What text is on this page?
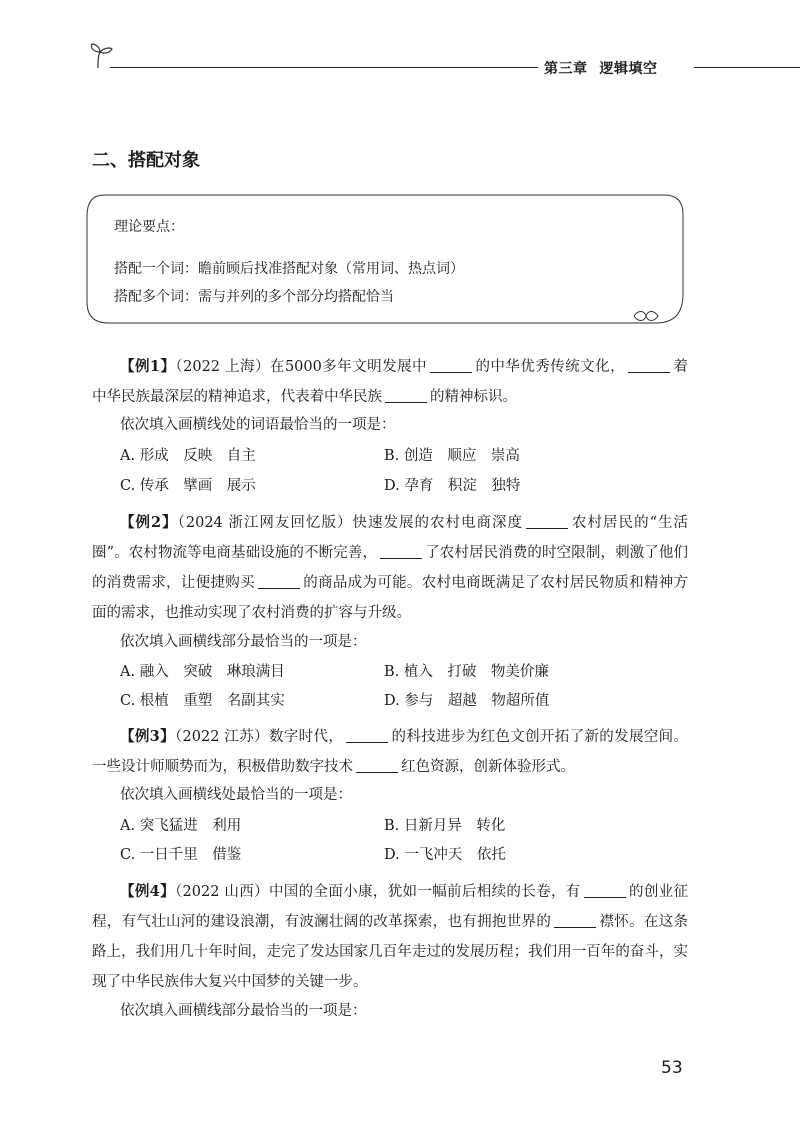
第三章 逻辑填空
二、搭配对象
理论要点：
搭配一个词：瞻前顾后找准搭配对象（常用词、热点词）
搭配多个词：需与并列的多个部分均搭配恰当
【例1】（2022 上海）在5000多年文明发展中	的中华优秀传统文化，	着中华民族最深层的精神追求，代表着中华民族	的精神标识。
依次填入画横线处的词语最恰当的一项是：
A. 形成　反映　自主	B. 创造　顺应　崇高
C. 传承　擘画　展示	D. 孕育　积淀　独特
【例2】（2024 浙江网友回忆版）快速发展的农村电商深度	农村居民的“生活圈”。农村物流等电商基础设施的不断完善，	了农村居民消费的时空限制，刺激了他们的消费需求，让便捷购买	的商品成为可能。农村电商既满足了农村居民物质和精神方面的需求，也推动实现了农村消费的扩容与升级。
依次填入画横线部分最恰当的一项是：
A. 融入　突破　琳琅满目	B. 植入　打破　物美价廉
C. 根植　重塑　名副其实	D. 参与　超越　物超所值
【例3】（2022 江苏）数字时代，	的科技进步为红色文创开拓了新的发展空间。一些设计师顺势而为，积极借助数字技术	红色资源，创新体验形式。
依次填入画横线处最恰当的一项是：
A. 突飞猛进　利用	B. 日新月异　转化
C. 一日千里　借鉴	D. 一飞冲天　依托
【例4】（2022 山西）中国的全面小康，犹如一幅前后相续的长卷，有	的创业征程，有气壮山河的建设浪潮，有波澜壮阔的改革探索，也有拥抱世界的	襟怀。在这条路上，我们用几十年时间，走完了发达国家几百年走过的发展历程；我们用一百年的奋斗，实现了中华民族伟大复兴中国梦的关键一步。
依次填入画横线部分最恰当的一项是：
53
